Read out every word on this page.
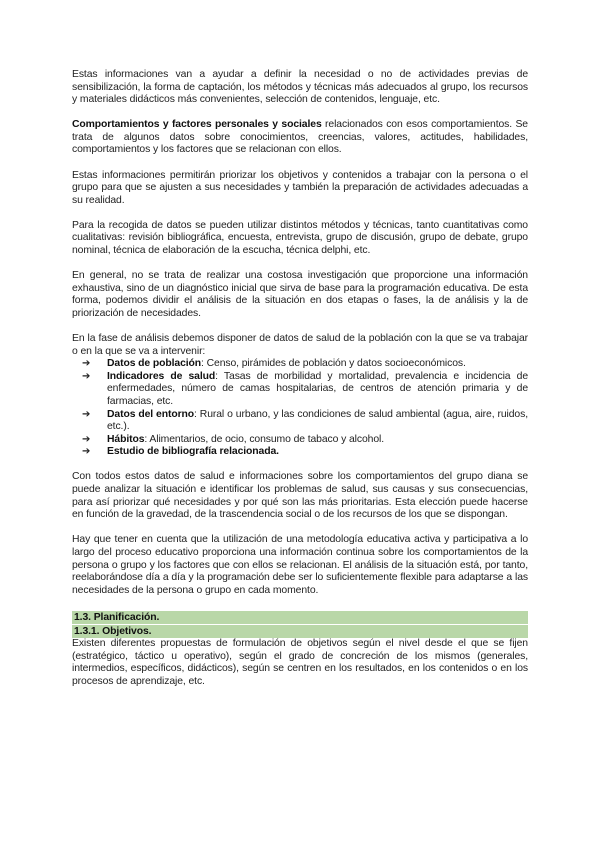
Estas informaciones van a ayudar a definir la necesidad o no de actividades previas de sensibilización, la forma de captación, los métodos y técnicas más adecuados al grupo, los recursos y materiales didácticos más convenientes, selección de contenidos, lenguaje, etc.

Comportamientos y factores personales y sociales relacionados con esos comportamientos. Se trata de algunos datos sobre conocimientos, creencias, valores, actitudes, habilidades, comportamientos y los factores que se relacionan con ellos.

Estas informaciones permitirán priorizar los objetivos y contenidos a trabajar con la persona o el grupo para que se ajusten a sus necesidades y también la preparación de actividades adecuadas a su realidad.

Para la recogida de datos se pueden utilizar distintos métodos y técnicas, tanto cuantitativas como cualitativas: revisión bibliográfica, encuesta, entrevista, grupo de discusión, grupo de debate, grupo nominal, técnica de elaboración de la escucha, técnica delphi, etc.

En general, no se trata de realizar una costosa investigación que proporcione una información exhaustiva, sino de un diagnóstico inicial que sirva de base para la programación educativa. De esta forma, podemos dividir el análisis de la situación en dos etapas o fases, la de análisis y la de priorización de necesidades.

En la fase de análisis debemos disponer de datos de salud de la población con la que se va trabajar o en la que se va a intervenir:

➔ Datos de población: Censo, pirámides de población y datos socioeconómicos.
➔ Indicadores de salud: Tasas de morbilidad y mortalidad, prevalencia e incidencia de enfermedades, número de camas hospitalarias, de centros de atención primaria y de farmacias, etc.
➔ Datos del entorno: Rural o urbano, y las condiciones de salud ambiental (agua, aire, ruidos, etc.).
➔ Hábitos: Alimentarios, de ocio, consumo de tabaco y alcohol.
➔ Estudio de bibliografía relacionada.

Con todos estos datos de salud e informaciones sobre los comportamientos del grupo diana se puede analizar la situación e identificar los problemas de salud, sus causas y sus consecuencias, para así priorizar qué necesidades y por qué son las más prioritarias. Esta elección puede hacerse en función de la gravedad, de la trascendencia social o de los recursos de los que se dispongan.

Hay que tener en cuenta que la utilización de una metodología educativa activa y participativa a lo largo del proceso educativo proporciona una información continua sobre los comportamientos de la persona o grupo y los factores que con ellos se relacionan. El análisis de la situación está, por tanto, reelaborándose día a día y la programación debe ser lo suficientemente flexible para adaptarse a las necesidades de la persona o grupo en cada momento.

1.3. Planificación.
1.3.1. Objetivos.

Existen diferentes propuestas de formulación de objetivos según el nivel desde el que se fijen (estratégico, táctico u operativo), según el grado de concreción de los mismos (generales, intermedios, específicos, didácticos), según se centren en los resultados, en los contenidos o en los procesos de aprendizaje, etc.
